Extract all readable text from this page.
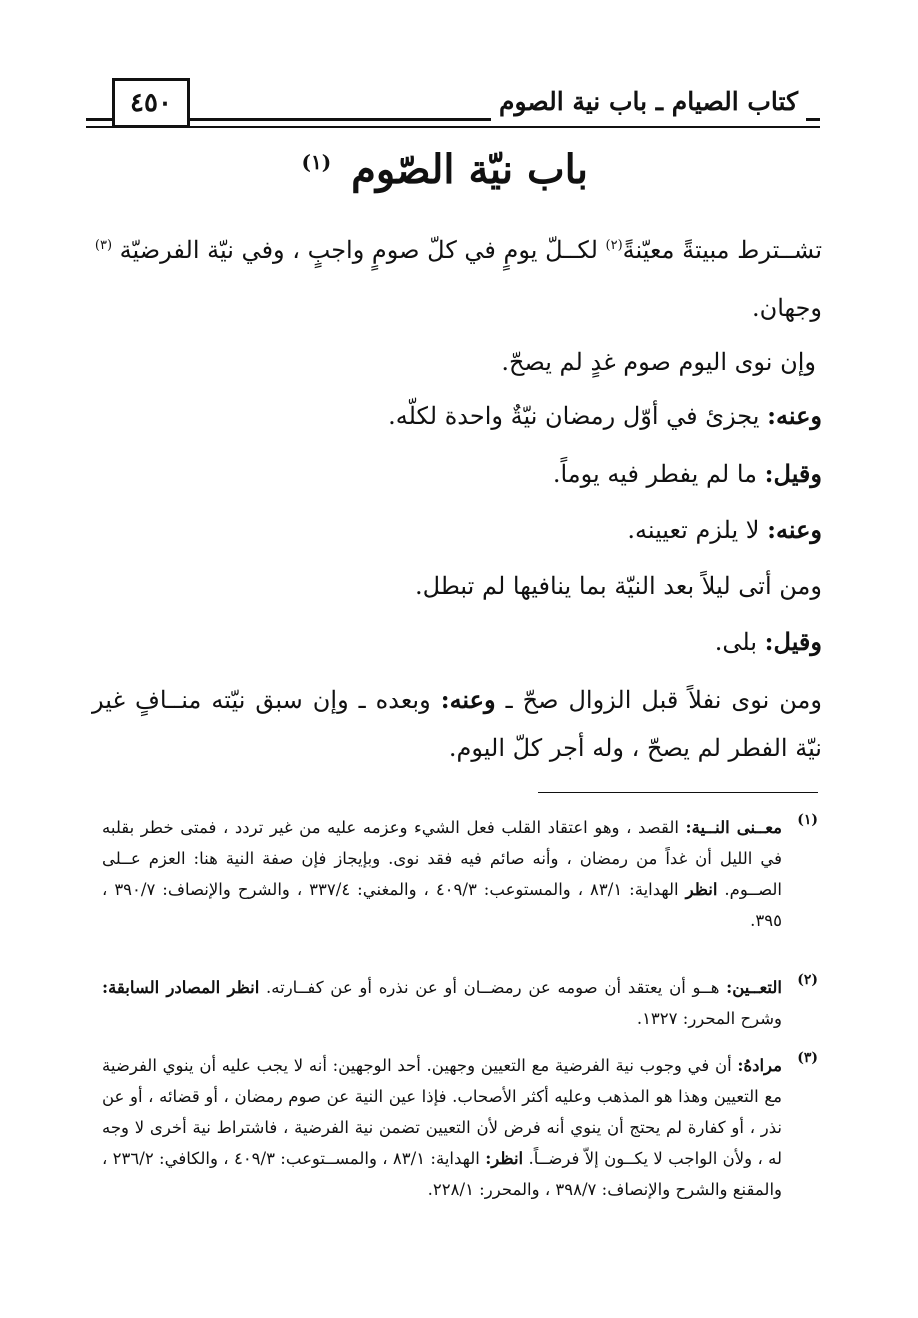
كتاب الصيام ـ باب نية الصوم
٤٥٠
باب نيّة الصّوم $^{(١)}$
تشــترط مبيتةً معيّنةً$^{(٢)}$ لكــلّ يومٍ في كلّ صومٍ واجبٍ ، وفي نيّة الفرضيّة $^{(٣)}$
وجهان.
وإن نوى اليوم صوم غدٍ لم يصحّ.
وعنه: يجزئ في أوّل رمضان نيّةٌ واحدة لكلّه.
وقيل: ما لم يفطر فيه يوماً.
وعنه: لا يلزم تعيينه.
ومن أتى ليلاً بعد النيّة بما ينافيها لم تبطل.
وقيل: بلى.
ومن نوى نفلاً قبل الزوال صحّ ـ وعنه: وبعده ـ وإن سبق نيّته منــافٍ غير نيّة الفطر لم يصحّ ، وله أجر كلّ اليوم.
(١)
معــنى النــية: القصد ، وهو اعتقاد القلب فعل الشيء وعزمه عليه من غير تردد ، فمتى خطر بقلبه في الليل أن غداً من رمضان ، وأنه صائم فيه فقد نوى. وبإيجاز فإن صفة النية هنا: العزم عــلى الصــوم. انظر الهداية: ٨٣/١ ، والمستوعب: ٤٠٩/٣ ، والمغني: ٣٣٧/٤ ، والشرح والإنصاف: ٣٩٠/٧ ، ٣٩٥.
(٢)
التعــين: هــو أن يعتقد أن صومه عن رمضــان أو عن نذره أو عن كفــارته. انظر المصادر السابقة: وشرح المحرر: ١٣٢٧.
(٣)
مرادهُ: أن في وجوب نية الفرضية مع التعيين وجهين. أحد الوجهين: أنه لا يجب عليه أن ينوي الفرضية مع التعيين وهذا هو المذهب وعليه أكثر الأصحاب. فإذا عين النية عن صوم رمضان ، أو قضائه ، أو عن نذر ، أو كفارة لم يحتج أن ينوي أنه فرض لأن التعيين تضمن نية الفرضية ، فاشتراط نية أخرى لا وجه له ، ولأن الواجب لا يكــون إلاّ فرضــاً. انظر: الهداية: ٨٣/١ ، والمســتوعب: ٤٠٩/٣ ، والكافي: ٢٣٦/٢ ، والمقنع والشرح والإنصاف: ٣٩٨/٧ ، والمحرر: ٢٢٨/١.
